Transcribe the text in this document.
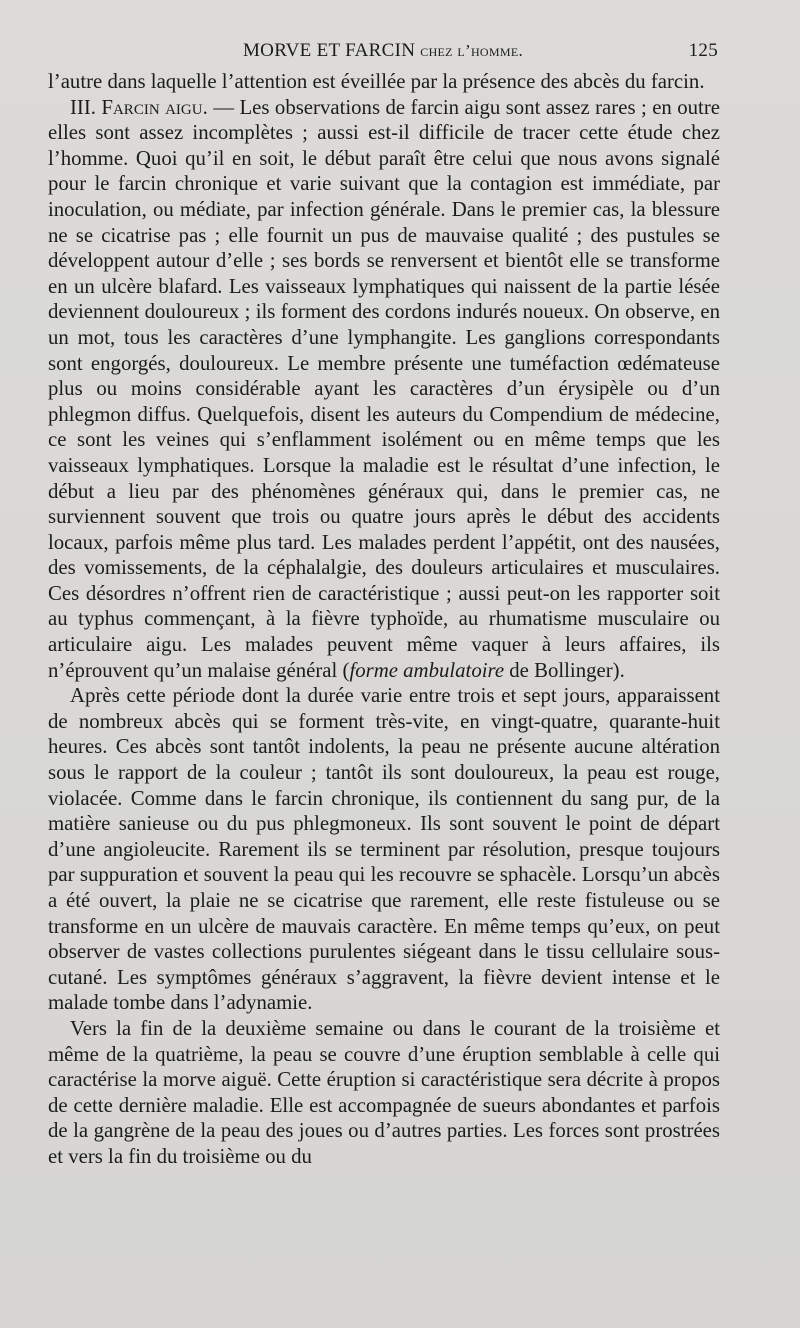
MORVE ET FARCIN chez l’homme.	125

l’autre dans laquelle l’attention est éveillée par la présence des abcès du farcin.

III. Farcin aigu. — Les observations de farcin aigu sont assez rares ; en outre elles sont assez incomplètes ; aussi est-il difficile de tracer cette étude chez l’homme. Quoi qu’il en soit, le début paraît être celui que nous avons signalé pour le farcin chronique et varie suivant que la contagion est immédiate, par inoculation, ou médiate, par infection générale. Dans le premier cas, la blessure ne se cicatrise pas ; elle fournit un pus de mauvaise qualité ; des pustules se développent autour d’elle ; ses bords se renversent et bientôt elle se transforme en un ulcère blafard. Les vaisseaux lymphatiques qui naissent de la partie lésée deviennent douloureux ; ils forment des cordons indurés noueux. On observe, en un mot, tous les caractères d’une lymphangite. Les ganglions correspondants sont engorgés, douloureux. Le membre présente une tuméfaction œdémateuse plus ou moins considérable ayant les caractères d’un érysipèle ou d’un phlegmon diffus. Quelquefois, disent les auteurs du Compendium de médecine, ce sont les veines qui s’enflamment isolément ou en même temps que les vaisseaux lymphatiques. Lorsque la maladie est le résultat d’une infection, le début a lieu par des phénomènes généraux qui, dans le premier cas, ne surviennent souvent que trois ou quatre jours après le début des accidents locaux, parfois même plus tard. Les malades perdent l’appétit, ont des nausées, des vomissements, de la céphalalgie, des douleurs articulaires et musculaires. Ces désordres n’offrent rien de caractéristique ; aussi peut-on les rapporter soit au typhus commençant, à la fièvre typhoïde, au rhumatisme musculaire ou articulaire aigu. Les malades peuvent même vaquer à leurs affaires, ils n’éprouvent qu’un malaise général (forme ambulatoire de Bollinger).

Après cette période dont la durée varie entre trois et sept jours, apparaissent de nombreux abcès qui se forment très-vite, en vingt-quatre, quarante-huit heures. Ces abcès sont tantôt indolents, la peau ne présente aucune altération sous le rapport de la couleur ; tantôt ils sont douloureux, la peau est rouge, violacée. Comme dans le farcin chronique, ils contiennent du sang pur, de la matière sanieuse ou du pus phlegmoneux. Ils sont souvent le point de départ d’une angioleucite. Rarement ils se terminent par résolution, presque toujours par suppuration et souvent la peau qui les recouvre se sphacèle. Lorsqu’un abcès a été ouvert, la plaie ne se cicatrise que rarement, elle reste fistuleuse ou se transforme en un ulcère de mauvais caractère. En même temps qu’eux, on peut observer de vastes collections purulentes siégeant dans le tissu cellulaire sous-cutané. Les symptômes généraux s’aggravent, la fièvre devient intense et le malade tombe dans l’adynamie.

Vers la fin de la deuxième semaine ou dans le courant de la troisième et même de la quatrième, la peau se couvre d’une éruption semblable à celle qui caractérise la morve aiguë. Cette éruption si caractéristique sera décrite à propos de cette dernière maladie. Elle est accompagnée de sueurs abondantes et parfois de la gangrène de la peau des joues ou d’autres parties. Les forces sont prostrées et vers la fin du troisième ou du
